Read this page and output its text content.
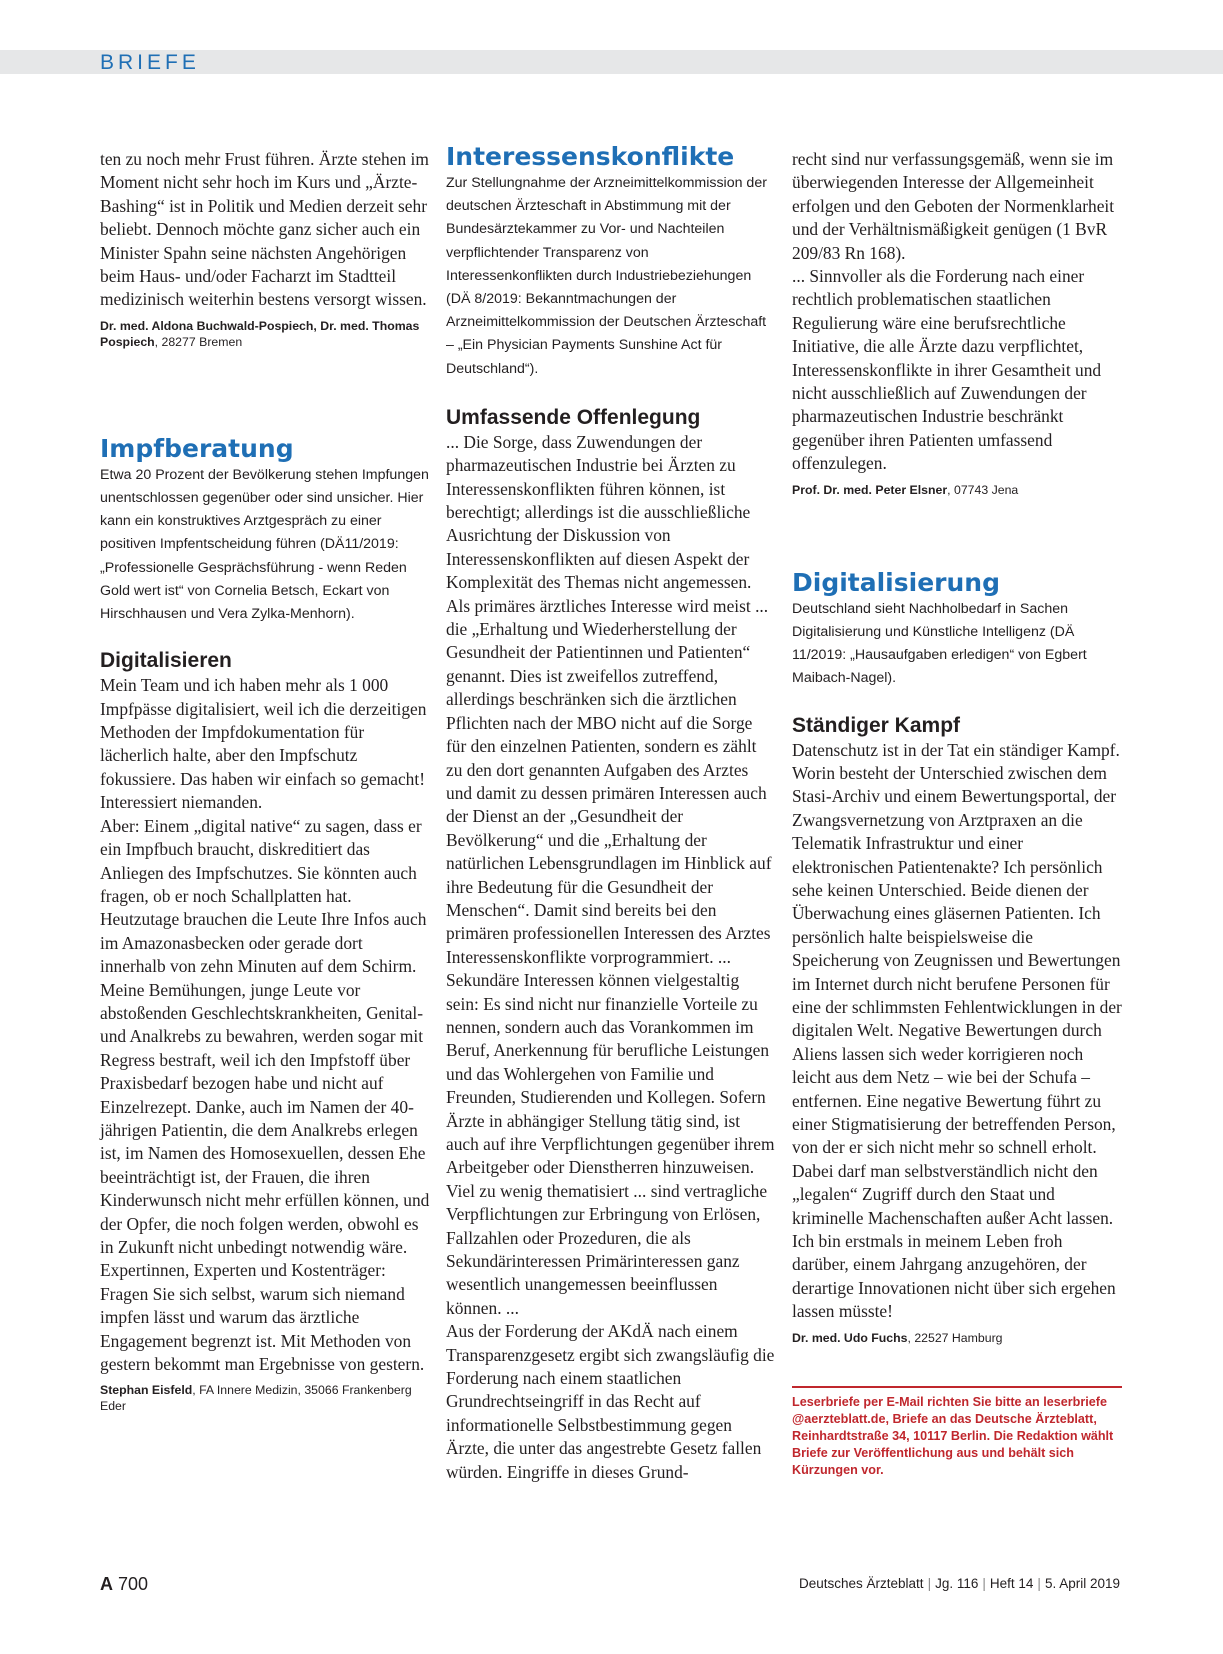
BRIEFE

ten zu noch mehr Frust führen. Ärzte stehen im Moment nicht sehr hoch im Kurs und „Ärzte-Bashing“ ist in Politik und Medien derzeit sehr beliebt. Dennoch möchte ganz sicher auch ein Minister Spahn seine nächsten Angehörigen beim Haus- und/oder Facharzt im Stadtteil medizinisch weiterhin bestens versorgt wissen.

Dr. med. Aldona Buchwald-Pospiech, Dr. med. Thomas Pospiech, 28277 Bremen

Impfberatung

Etwa 20 Prozent der Bevölkerung stehen Impfungen unentschlossen gegenüber oder sind unsicher. Hier kann ein konstruktives Arztgespräch zu einer positiven Impfentscheidung führen (DÄ11/2019: „Professionelle Gesprächsführung - wenn Reden Gold wert ist“ von Cornelia Betsch, Eckart von Hirschhausen und Vera Zylka-Menhorn).

Digitalisieren

Mein Team und ich haben mehr als 1 000 Impfpässe digitalisiert, weil ich die derzeitigen Methoden der Impfdokumentation für lächerlich halte, aber den Impfschutz fokussiere. Das haben wir einfach so gemacht! Interessiert niemanden.

Aber: Einem „digital native“ zu sagen, dass er ein Impfbuch braucht, diskreditiert das Anliegen des Impfschutzes. Sie könnten auch fragen, ob er noch Schallplatten hat. Heutzutage brauchen die Leute Ihre Infos auch im Amazonasbecken oder gerade dort innerhalb von zehn Minuten auf dem Schirm.

Meine Bemühungen, junge Leute vor abstoßenden Geschlechtskrankheiten, Genital- und Analkrebs zu bewahren, werden sogar mit Regress bestraft, weil ich den Impfstoff über Praxisbedarf bezogen habe und nicht auf Einzelrezept. Danke, auch im Namen der 40-jährigen Patientin, die dem Analkrebs erlegen ist, im Namen des Homosexuellen, dessen Ehe beeinträchtigt ist, der Frauen, die ihren Kinderwunsch nicht mehr erfüllen können, und der Opfer, die noch folgen werden, obwohl es in Zukunft nicht unbedingt notwendig wäre.

Expertinnen, Experten und Kostenträger: Fragen Sie sich selbst, warum sich niemand impfen lässt und warum das ärztliche Engagement begrenzt ist. Mit Methoden von gestern bekommt man Ergebnisse von gestern.

Stephan Eisfeld, FA Innere Medizin, 35066 Frankenberg Eder

Interessenskonflikte

Zur Stellungnahme der Arzneimittelkommission der deutschen Ärzteschaft in Abstimmung mit der Bundesärztekammer zu Vor- und Nachteilen verpflichtender Transparenz von Interessenkonflikten durch Industriebeziehungen (DÄ 8/2019: Bekanntmachungen der Arzneimittelkommission der Deutschen Ärzteschaft – „Ein Physician Payments Sunshine Act für Deutschland“).

Umfassende Offenlegung

... Die Sorge, dass Zuwendungen der pharmazeutischen Industrie bei Ärzten zu Interessenskonflikten führen können, ist berechtigt; allerdings ist die ausschließliche Ausrichtung der Diskussion von Interessenskonflikten auf diesen Aspekt der Komplexität des Themas nicht angemessen.

Als primäres ärztliches Interesse wird meist ... die „Erhaltung und Wiederherstellung der Gesundheit der Patientinnen und Patienten“ genannt. Dies ist zweifellos zutreffend, allerdings beschränken sich die ärztlichen Pflichten nach der MBO nicht auf die Sorge für den einzelnen Patienten, sondern es zählt zu den dort genannten Aufgaben des Arztes und damit zu dessen primären Interessen auch der Dienst an der „Gesundheit der Bevölkerung“ und die „Erhaltung der natürlichen Lebensgrundlagen im Hinblick auf ihre Bedeutung für die Gesundheit der Menschen“. Damit sind bereits bei den primären professionellen Interessen des Arztes Interessenskonflikte vorprogrammiert. ... Sekundäre Interessen können vielgestaltig sein: Es sind nicht nur finanzielle Vorteile zu nennen, sondern auch das Vorankommen im Beruf, Anerkennung für berufliche Leistungen und das Wohlergehen von Familie und Freunden, Studierenden und Kollegen. Sofern Ärzte in abhängiger Stellung tätig sind, ist auch auf ihre Verpflichtungen gegenüber ihrem Arbeitgeber oder Dienstherren hinzuweisen. Viel zu wenig thematisiert ... sind vertragliche Verpflichtungen zur Erbringung von Erlösen, Fallzahlen oder Prozeduren, die als Sekundärinteressen Primärinteressen ganz wesentlich unangemessen beeinflussen können. ...

Aus der Forderung der AKdÄ nach einem Transparenzgesetz ergibt sich zwangsläufig die Forderung nach einem staatlichen Grundrechtseingriff in das Recht auf informationelle Selbstbestimmung gegen Ärzte, die unter das angestrebte Gesetz fallen würden. Eingriffe in dieses Grund-

recht sind nur verfassungsgemäß, wenn sie im überwiegenden Interesse der Allgemeinheit erfolgen und den Geboten der Normenklarheit und der Verhältnismäßigkeit genügen (1 BvR 209/83 Rn 168).

... Sinnvoller als die Forderung nach einer rechtlich problematischen staatlichen Regulierung wäre eine berufsrechtliche Initiative, die alle Ärzte dazu verpflichtet, Interessenskonflikte in ihrer Gesamtheit und nicht ausschließlich auf Zuwendungen der pharmazeutischen Industrie beschränkt gegenüber ihren Patienten umfassend offenzulegen.

Prof. Dr. med. Peter Elsner, 07743 Jena

Digitalisierung

Deutschland sieht Nachholbedarf in Sachen Digitalisierung und Künstliche Intelligenz (DÄ 11/2019: „Hausaufgaben erledigen“ von Egbert Maibach-Nagel).

Ständiger Kampf

Datenschutz ist in der Tat ein ständiger Kampf. Worin besteht der Unterschied zwischen dem Stasi-Archiv und einem Bewertungsportal, der Zwangsvernetzung von Arztpraxen an die Telematik Infrastruktur und einer elektronischen Patientenakte? Ich persönlich sehe keinen Unterschied. Beide dienen der Überwachung eines gläsernen Patienten. Ich persönlich halte beispielsweise die Speicherung von Zeugnissen und Bewertungen im Internet durch nicht berufene Personen für eine der schlimmsten Fehlentwicklungen in der digitalen Welt. Negative Bewertungen durch Aliens lassen sich weder korrigieren noch leicht aus dem Netz – wie bei der Schufa – entfernen. Eine negative Bewertung führt zu einer Stigmatisierung der betreffenden Person, von der er sich nicht mehr so schnell erholt. Dabei darf man selbstverständlich nicht den „legalen“ Zugriff durch den Staat und kriminelle Machenschaften außer Acht lassen. Ich bin erstmals in meinem Leben froh darüber, einem Jahrgang anzugehören, der derartige Innovationen nicht über sich ergehen lassen müsste!

Dr. med. Udo Fuchs, 22527 Hamburg

Leserbriefe per E-Mail richten Sie bitte an leserbriefe @aerzteblatt.de, Briefe an das Deutsche Ärzteblatt, Reinhardtstraße 34, 10117 Berlin. Die Redaktion wählt Briefe zur Veröffentlichung aus und behält sich Kürzungen vor.

A 700	Deutsches Ärzteblatt | Jg. 116 | Heft 14 | 5. April 2019
